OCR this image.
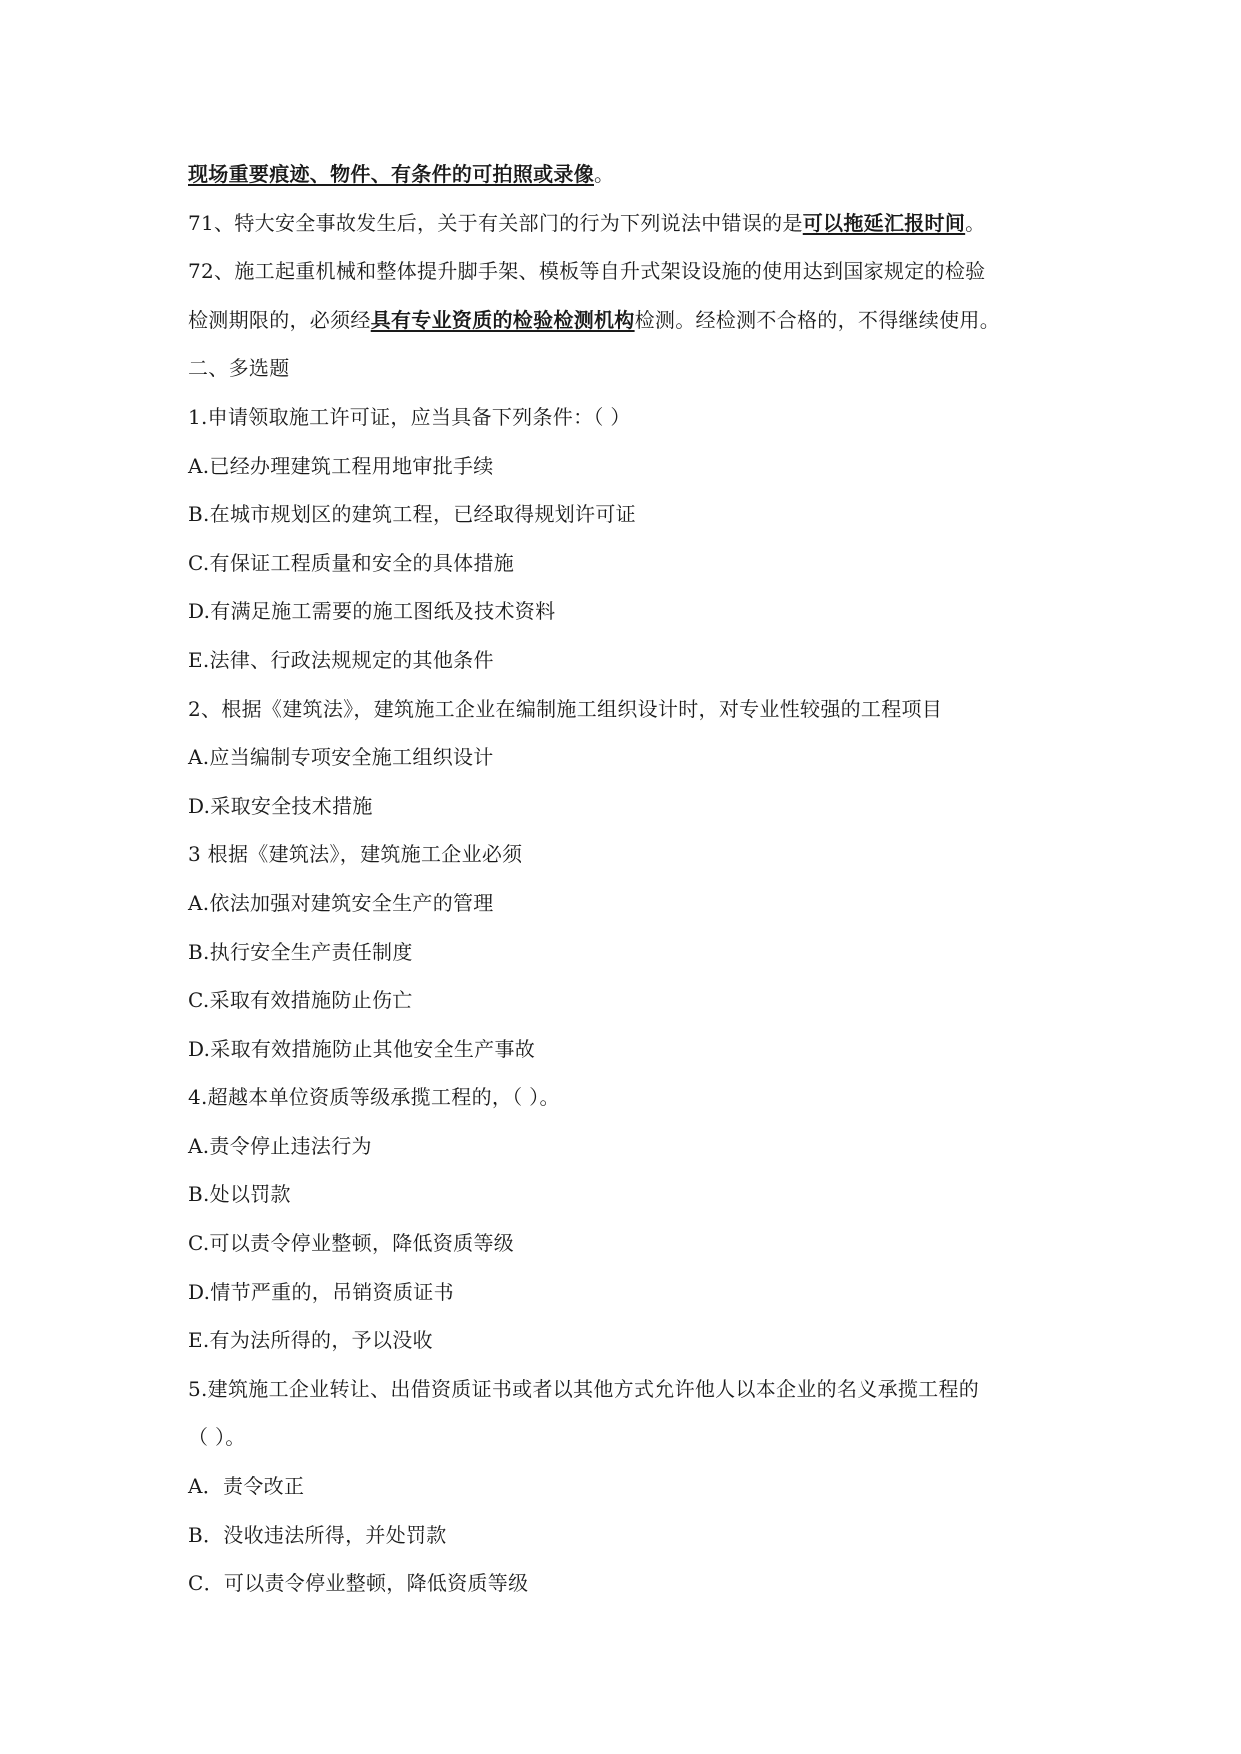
现场重要痕迹、物件、有条件的可拍照或录像。
71、特大安全事故发生后，关于有关部门的行为下列说法中错误的是可以拖延汇报时间。
72、施工起重机械和整体提升脚手架、模板等自升式架设设施的使用达到国家规定的检验
检测期限的，必须经具有专业资质的检验检测机构检测。经检测不合格的，不得继续使用。
二、多选题
1.申请领取施工许可证，应当具备下列条件：（ ）
A.已经办理建筑工程用地审批手续
B.在城市规划区的建筑工程，已经取得规划许可证
C.有保证工程质量和安全的具体措施
D.有满足施工需要的施工图纸及技术资料
E.法律、行政法规规定的其他条件
2、根据《建筑法》，建筑施工企业在编制施工组织设计时，对专业性较强的工程项目
A.应当编制专项安全施工组织设计
D.采取安全技术措施
3 根据《建筑法》，建筑施工企业必须
A.依法加强对建筑安全生产的管理
B.执行安全生产责任制度
C.采取有效措施防止伤亡
D.采取有效措施防止其他安全生产事故
4.超越本单位资质等级承揽工程的，（ ）。
A.责令停止违法行为
B.处以罚款
C.可以责令停业整顿，降低资质等级
D.情节严重的，吊销资质证书
E.有为法所得的，予以没收
5.建筑施工企业转让、出借资质证书或者以其他方式允许他人以本企业的名义承揽工程的
（ ）。
A．责令改正
B．没收违法所得，并处罚款
C．可以责令停业整顿，降低资质等级
